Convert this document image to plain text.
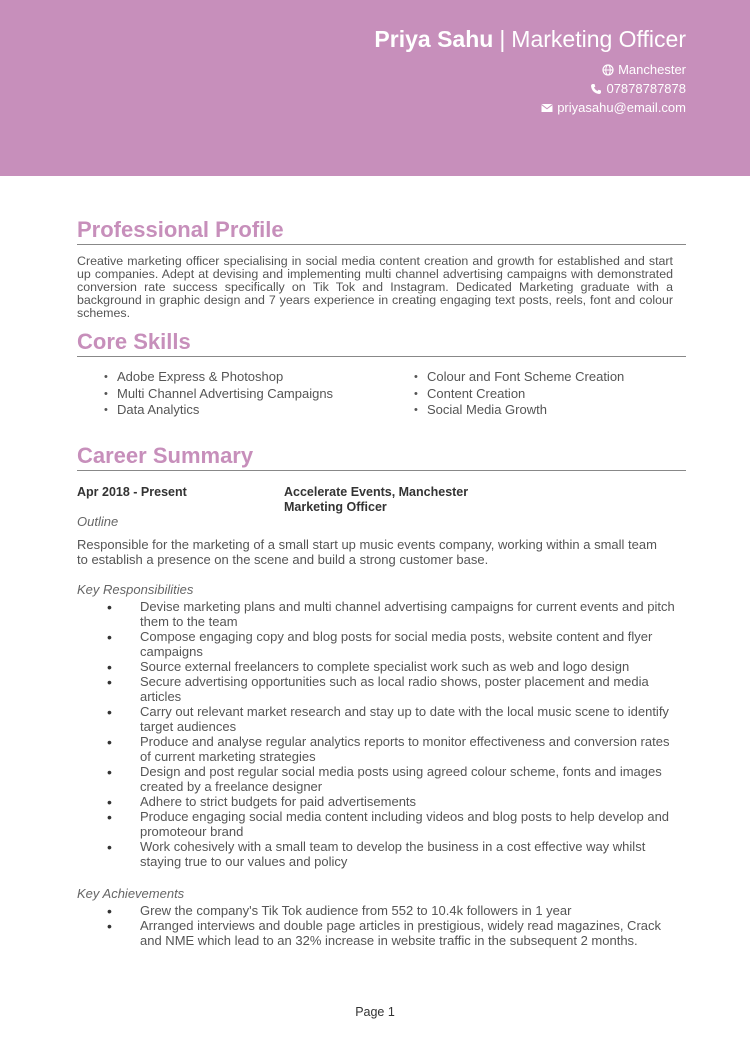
Priya Sahu | Marketing Officer
Manchester
07878787878
priyasahu@email.com
Professional Profile
Creative marketing officer specialising in social media content creation and growth for established and start up companies. Adept at devising and implementing multi channel advertising campaigns with demonstrated conversion rate success specifically on Tik Tok and Instagram. Dedicated Marketing graduate with a background in graphic design and 7 years experience in creating engaging text posts, reels, font and colour schemes.
Core Skills
• Adobe Express & Photoshop
• Multi Channel Advertising Campaigns
• Data Analytics
• Colour and Font Scheme Creation
• Content Creation
• Social Media Growth
Career Summary
Apr 2018 - Present	Accelerate Events, Manchester
Marketing Officer
Outline
Responsible for the marketing of a small start up music events company, working within a small team to establish a presence on the scene and build a strong customer base.
Key Responsibilities
• Devise marketing plans and multi channel advertising campaigns for current events and pitch them to the team
• Compose engaging copy and blog posts for social media posts, website content and flyer campaigns
• Source external freelancers to complete specialist work such as web and logo design
• Secure advertising opportunities such as local radio shows, poster placement and media articles
• Carry out relevant market research and stay up to date with the local music scene to identify target audiences
• Produce and analyse regular analytics reports to monitor effectiveness and conversion rates of current marketing strategies
• Design and post regular social media posts using agreed colour scheme, fonts and images created by a freelance designer
• Adhere to strict budgets for paid advertisements
• Produce engaging social media content including videos and blog posts to help develop and promoteour brand
• Work cohesively with a small team to develop the business in a cost effective way whilst staying true to our values and policy
Key Achievements
• Grew the company's Tik Tok audience from 552 to 10.4k followers in 1 year
• Arranged interviews and double page articles in prestigious, widely read magazines, Crack and NME which lead to an 32% increase in website traffic in the subsequent 2 months.
Page 1
